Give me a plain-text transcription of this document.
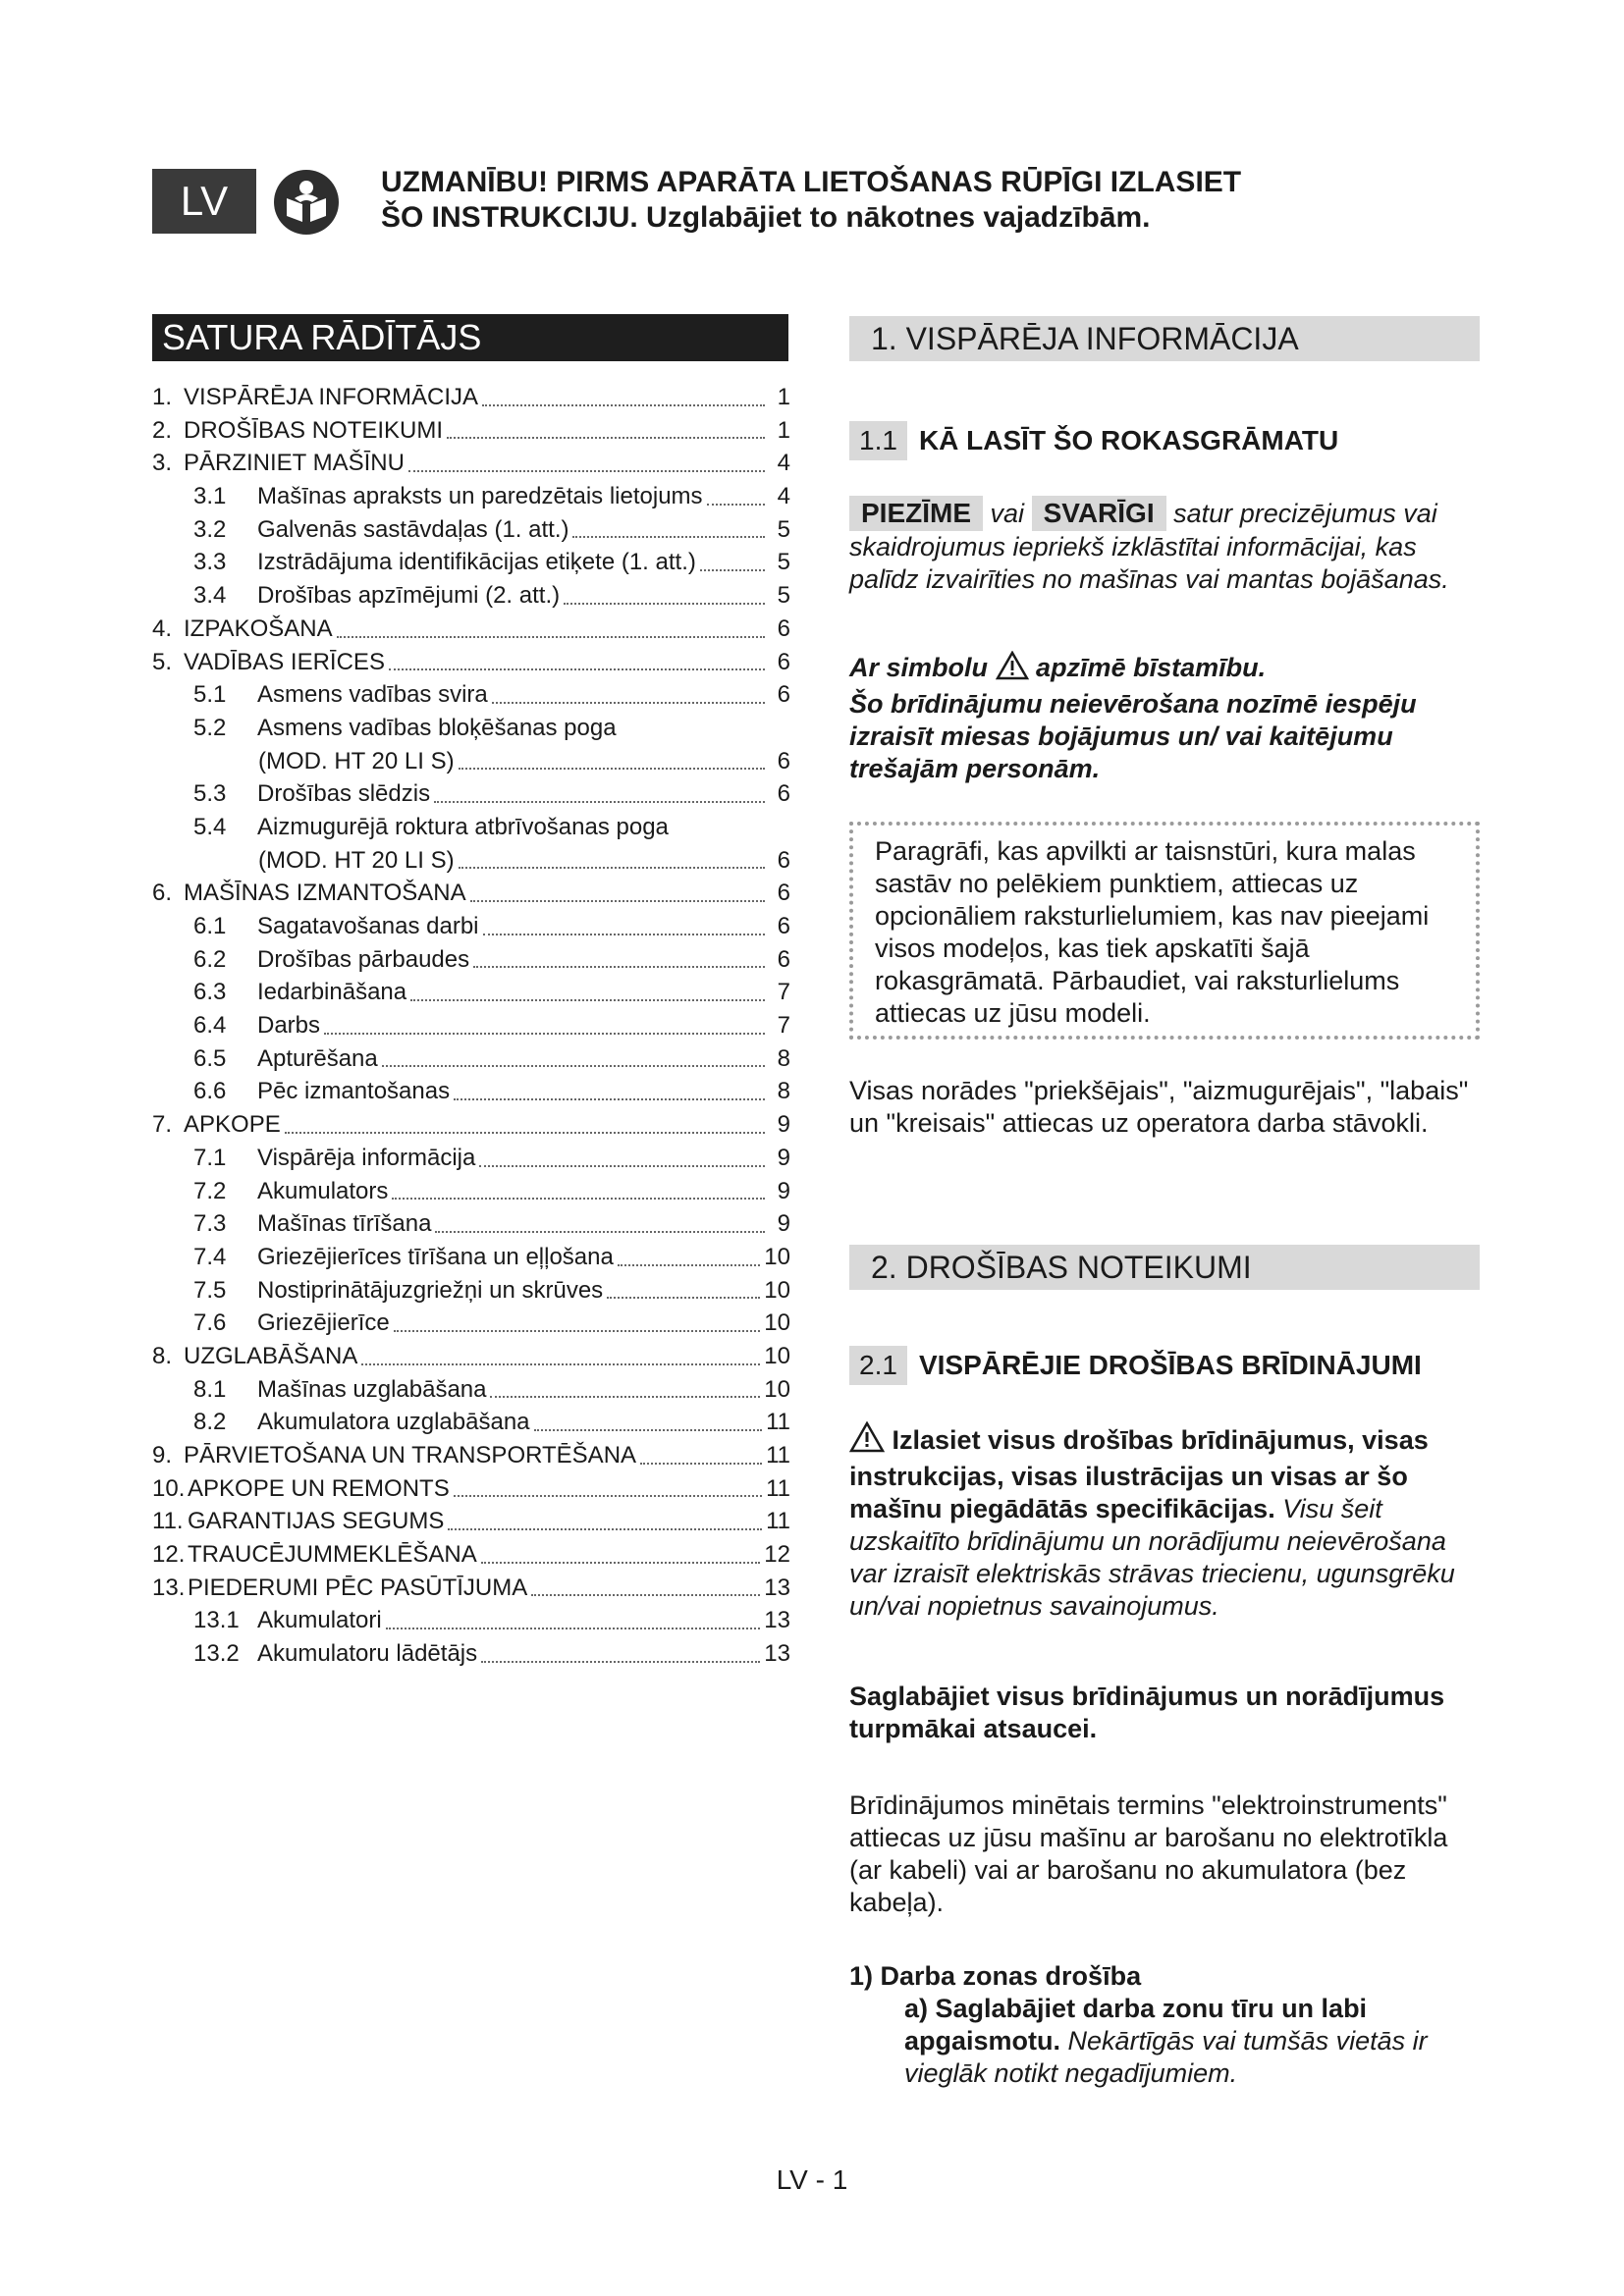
LV	UZMANĪBU! PIRMS APARĀTA LIETOŠANAS RŪPĪGI IZLASIET
ŠO INSTRUKCIJU. Uzglabājiet to nākotnes vajadzībām.
SATURA RĀDĪTĀJS
1. VISPĀRĒJA INFORMĀCIJA	1
2. DROŠĪBAS NOTEIKUMI	1
3. PĀRZINIET MAŠĪNU	4
3.1	Mašīnas apraksts un paredzētais lietojums	4
3.2	Galvenās sastāvdaļas (1. att.)	5
3.3	Izstrādājuma identifikācijas etiķete (1. att.)	5
3.4	Drošības apzīmējumi (2. att.)	5
4. IZPAKOŠANA	6
5. VADĪBAS IERĪCES	6
5.1	Asmens vadības svira	6
5.2	Asmens vadības bloķēšanas poga
(MOD. HT 20 LI S)	6
5.3	Drošības slēdzis	6
5.4	Aizmugurējā roktura atbrīvošanas poga
(MOD. HT 20 LI S)	6
6. MAŠĪNAS IZMANTOŠANA	6
6.1	Sagatavošanas darbi	6
6.2	Drošības pārbaudes	6
6.3	Iedarbināšana	7
6.4	Darbs	7
6.5	Apturēšana	8
6.6	Pēc izmantošanas	8
7. APKOPE	9
7.1	Vispārēja informācija	9
7.2	Akumulators	9
7.3	Mašīnas tīrīšana	9
7.4	Griezējierīces tīrīšana un eļļošana	10
7.5	Nostiprinātājuzgriežņi un skrūves	10
7.6	Griezējierīce	10
8. UZGLABĀŠANA	10
8.1	Mašīnas uzglabāšana	10
8.2	Akumulatora uzglabāšana	11
9. PĀRVIETOŠANA UN TRANSPORTĒŠANA	11
10. APKOPE UN REMONTS	11
11. GARANTIJAS SEGUMS	11
12. TRAUCĒJUMMEKLĒŠANA	12
13. PIEDERUMI PĒC PASŪTĪJUMA	13
13.1 Akumulatori	13
13.2 Akumulatoru lādētājs	13
1. VISPĀRĒJA INFORMĀCIJA
1.1 KĀ LASĪT ŠO ROKASGRĀMATU
PIEZĪME vai SVARĪGI satur precizējumus vai skaidrojumus iepriekš izklāstītai informācijai, kas palīdz izvairīties no mašīnas vai mantas bojāšanas.
Ar simbolu apzīmē bīstamību.
Šo brīdinājumu neievērošana nozīmē iespēju izraisīt miesas bojājumus un/ vai kaitējumu trešajām personām.
Paragrāfi, kas apvilkti ar taisnstūri, kura malas sastāv no pelēkiem punktiem, attiecas uz opcionāliem raksturlielumiem, kas nav pieejami visos modeļos, kas tiek apskatīti šajā rokasgrāmatā. Pārbaudiet, vai raksturlielums attiecas uz jūsu modeli.
Visas norādes "priekšējais", "aizmugurējais", "labais" un "kreisais" attiecas uz operatora darba stāvokli.
2. DROŠĪBAS NOTEIKUMI
2.1 VISPĀRĒJIE DROŠĪBAS BRĪDINĀJUMI
Izlasiet visus drošības brīdinājumus, visas instrukcijas, visas ilustrācijas un visas ar šo mašīnu piegādātās specifikācijas. Visu šeit uzskaitīto brīdinājumu un norādījumu neievērošana var izraisīt elektriskās strāvas triecienu, ugunsgrēku un/vai nopietnus savainojumus.
Saglabājiet visus brīdinājumus un norādījumus turpmākai atsaucei.
Brīdinājumos minētais termins "elektroinstruments" attiecas uz jūsu mašīnu ar barošanu no elektrotīkla (ar kabeli) vai ar barošanu no akumulatora (bez kabeļa).
1) Darba zonas drošība
a) Saglabājiet darba zonu tīru un labi apgaismotu. Nekārtīgās vai tumšās vietās ir vieglāk notikt negadījumiem.
LV - 1
